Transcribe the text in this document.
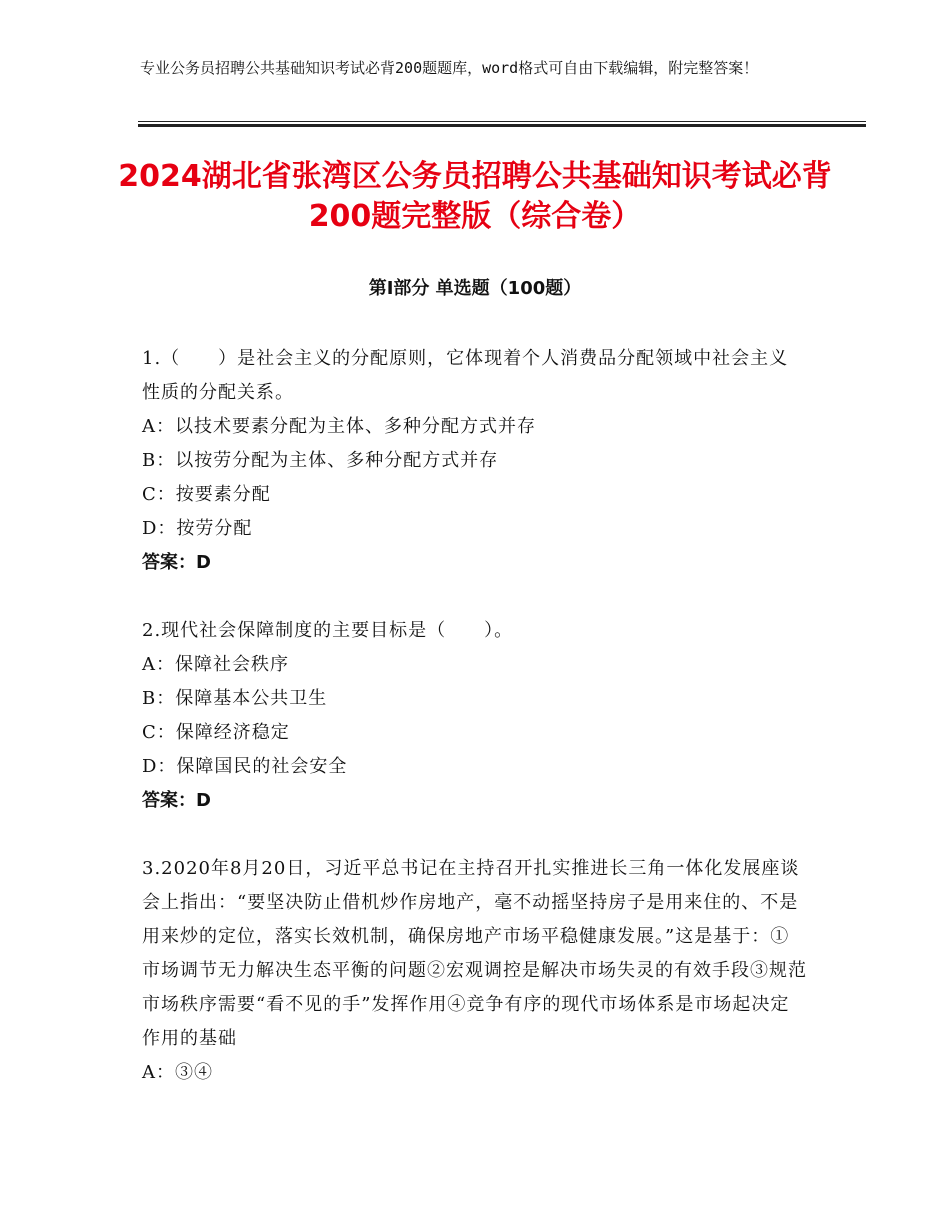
专业公务员招聘公共基础知识考试必背200题题库，word格式可自由下载编辑，附完整答案！
2024湖北省张湾区公务员招聘公共基础知识考试必背200题完整版（综合卷）
第Ⅰ部分 单选题（100题）

1.（　　）是社会主义的分配原则，它体现着个人消费品分配领域中社会主义性质的分配关系。

A：以技术要素分配为主体、多种分配方式并存

B：以按劳分配为主体、多种分配方式并存

C：按要素分配

D：按劳分配

答案：D

2.现代社会保障制度的主要目标是（　　）。

A：保障社会秩序

B：保障基本公共卫生

C：保障经济稳定

D：保障国民的社会安全

答案：D

3.2020年8月20日，习近平总书记在主持召开扎实推进长三角一体化发展座谈会上指出：“要坚决防止借机炒作房地产，毫不动摇坚持房子是用来住的、不是用来炒的定位，落实长效机制，确保房地产市场平稳健康发展。”这是基于：①市场调节无力解决生态平衡的问题②宏观调控是解决市场失灵的有效手段③规范市场秩序需要“看不见的手”发挥作用④竞争有序的现代市场体系是市场起决定作用的基础

A：③④
